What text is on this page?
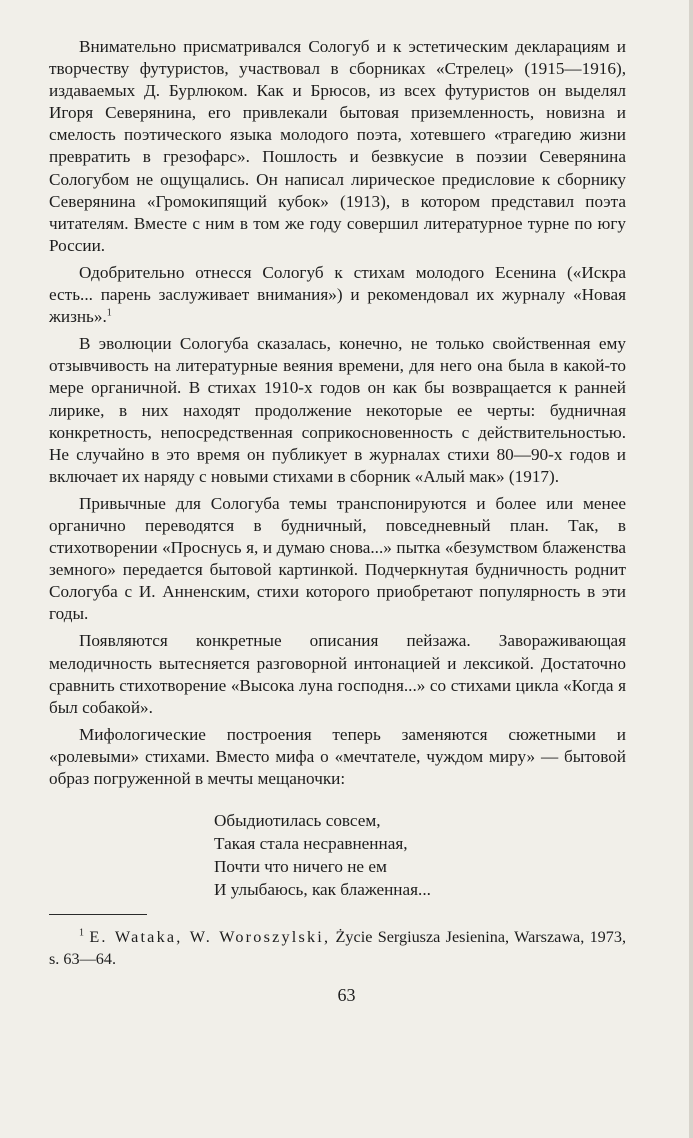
Внимательно присматривался Сологуб и к эстетическим декларациям и творчеству футуристов, участвовал в сборниках «Стрелец» (1915—1916), издаваемых Д. Бурлюком. Как и Брюсов, из всех футуристов он выделял Игоря Северянина, его привлекали бытовая приземленность, новизна и смелость поэтического языка молодого поэта, хотевшего «трагедию жизни превратить в грезофарс». Пошлость и безвкусие в поэзии Северянина Сологубом не ощущались. Он написал лирическое предисловие к сборнику Северянина «Громокипящий кубок» (1913), в котором представил поэта читателям. Вместе с ним в том же году совершил литературное турне по югу России.

Одобрительно отнесся Сологуб к стихам молодого Есенина («Искра есть... парень заслуживает внимания») и рекомендовал их журналу «Новая жизнь».$^1$

В эволюции Сологуба сказалась, конечно, не только свойственная ему отзывчивость на литературные веяния времени, для него она была в какой-то мере органичной. В стихах 1910-х годов он как бы возвращается к ранней лирике, в них находят продолжение некоторые ее черты: будничная конкретность, непосредственная соприкосновенность с действительностью. Не случайно в это время он публикует в журналах стихи 80—90-х годов и включает их наряду с новыми стихами в сборник «Алый мак» (1917).

Привычные для Сологуба темы транспонируются и более или менее органично переводятся в будничный, повседневный план. Так, в стихотворении «Проснусь я, и думаю снова...» пытка «безумством блаженства земного» передается бытовой картинкой. Подчеркнутая будничность роднит Сологуба с И. Анненским, стихи которого приобретают популярность в эти годы.

Появляются конкретные описания пейзажа. Завораживающая мелодичность вытесняется разговорной интонацией и лексикой. Достаточно сравнить стихотворение «Высока луна господня...» со стихами цикла «Когда я был собакой».

Мифологические построения теперь заменяются сюжетными и «ролевыми» стихами. Вместо мифа о «мечтателе, чуждом миру» — бытовой образ погруженной в мечты мещаночки:

Обыдиотилась совсем,
Такая стала несравненная,
Почти что ничего не ем
И улыбаюсь, как блаженная...
$^1$ E. Wataka, W. Woroszylski, Życie Sergiusza Jesienina, Warszawa, 1973, s. 63—64.
63
